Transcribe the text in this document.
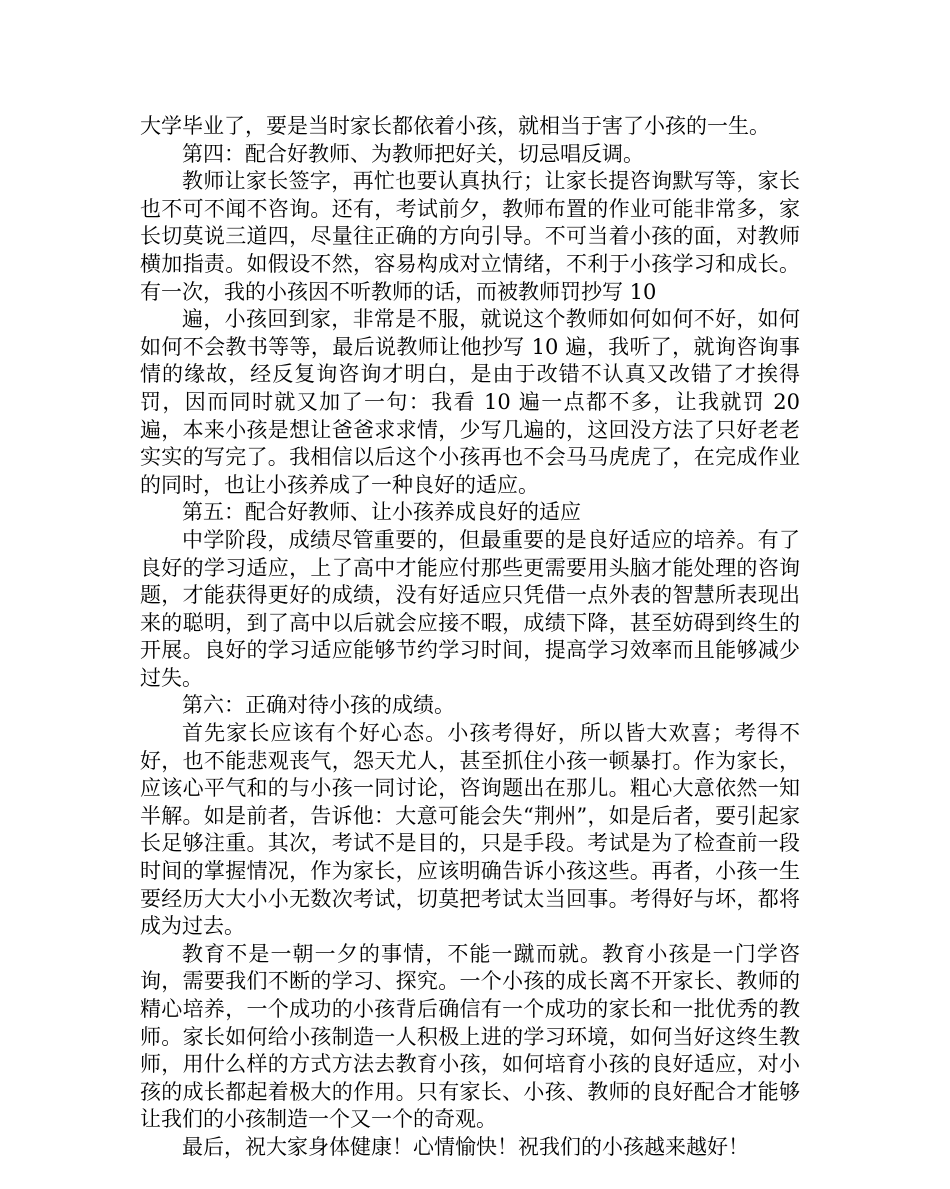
大学毕业了，要是当时家长都依着小孩，就相当于害了小孩的一生。

第四：配合好教师、为教师把好关，切忌唱反调。

教师让家长签字，再忙也要认真执行；让家长提咨询默写等，家长也不可不闻不咨询。还有，考试前夕，教师布置的作业可能非常多，家长切莫说三道四，尽量往正确的方向引导。不可当着小孩的面，对教师横加指责。如假设不然，容易构成对立情绪，不利于小孩学习和成长。有一次，我的小孩因不听教师的话，而被教师罚抄写 10

遍，小孩回到家，非常是不服，就说这个教师如何如何不好，如何如何不会教书等等，最后说教师让他抄写 10 遍，我听了，就询咨询事情的缘故，经反复询咨询才明白，是由于改错不认真又改错了才挨得罚，因而同时就又加了一句：我看 10 遍一点都不多，让我就罚 20 遍，本来小孩是想让爸爸求求情，少写几遍的，这回没方法了只好老老实实的写完了。我相信以后这个小孩再也不会马马虎虎了，在完成作业的同时，也让小孩养成了一种良好的适应。

第五：配合好教师、让小孩养成良好的适应

中学阶段，成绩尽管重要的，但最重要的是良好适应的培养。有了良好的学习适应，上了高中才能应付那些更需要用头脑才能处理的咨询题，才能获得更好的成绩，没有好适应只凭借一点外表的智慧所表现出来的聪明，到了高中以后就会应接不暇，成绩下降，甚至妨碍到终生的开展。良好的学习适应能够节约学习时间，提高学习效率而且能够减少过失。

第六：正确对待小孩的成绩。

首先家长应该有个好心态。小孩考得好，所以皆大欢喜；考得不好，也不能悲观丧气，怨天尤人，甚至抓住小孩一顿暴打。作为家长，应该心平气和的与小孩一同讨论，咨询题出在那儿。粗心大意依然一知半解。如是前者，告诉他：大意可能会失“荆州”，如是后者，要引起家长足够注重。其次，考试不是目的，只是手段。考试是为了检查前一段时间的掌握情况，作为家长，应该明确告诉小孩这些。再者，小孩一生要经历大大小小无数次考试，切莫把考试太当回事。考得好与坏，都将成为过去。

教育不是一朝一夕的事情，不能一蹴而就。教育小孩是一门学咨询，需要我们不断的学习、探究。一个小孩的成长离不开家长、教师的精心培养，一个成功的小孩背后确信有一个成功的家长和一批优秀的教师。家长如何给小孩制造一人积极上进的学习环境，如何当好这终生教师，用什么样的方式方法去教育小孩，如何培育小孩的良好适应，对小孩的成长都起着极大的作用。只有家长、小孩、教师的良好配合才能够让我们的小孩制造一个又一个的奇观。

最后，祝大家身体健康！心情愉快！祝我们的小孩越来越好！
